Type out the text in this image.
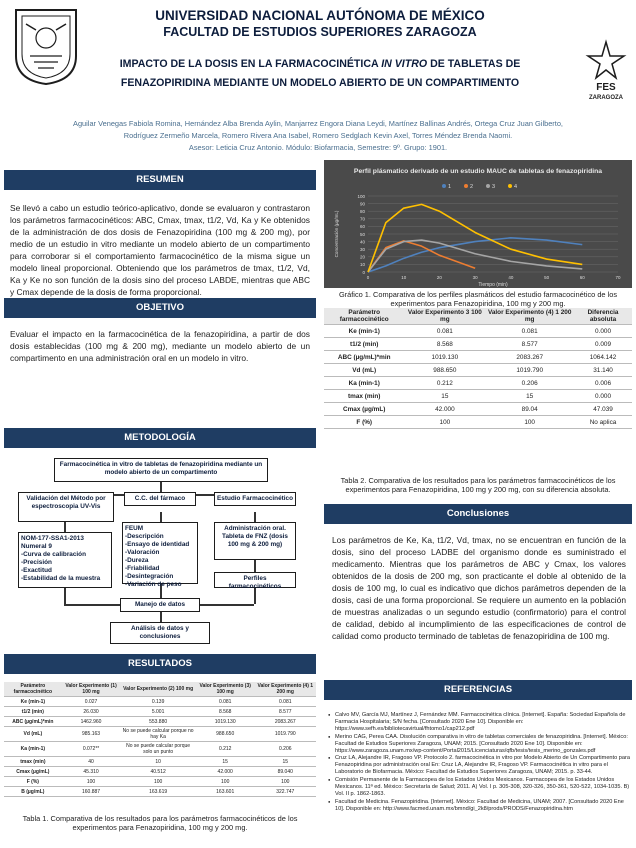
UNIVERSIDAD NACIONAL AUTÓNOMA DE MÉXICO
FACULTAD DE ESTUDIOS SUPERIORES ZARAGOZA
IMPACTO DE LA DOSIS EN LA FARMACOCINÉTICA IN VITRO DE TABLETAS DE
FENAZOPIRIDINA MEDIANTE UN MODELO ABIERTO DE UN COMPARTIMENTO	FES
ZARAGOZA
Aguilar Venegas Fabiola Romina, Hernández Alba Brenda Aylin, Manjarrez Engora Diana Leydi, Martínez Ballinas Andrés, Ortega Cruz Juan Gilberto,
Rodríguez Zermeño Marcela, Romero Rivera Ana Isabel, Romero Sedglach Kevin Axel, Torres Méndez Brenda Naomi.
Asesor: Leticia Cruz Antonio. Módulo: Biofarmacia, Semestre: 9º. Grupo: 1901.
RESUMEN
Se llevó a cabo un estudio teórico-aplicativo, donde se evaluaron y contrastaron los parámetros farmacocinéticos: ABC, Cmax, tmax, t1/2, Vd, Ka y Ke obtenidos de la administración de dos dosis de Fenazopiridina (100 mg & 200 mg), por medio de un estudio in vitro mediante un modelo abierto de un compartimento para corroborar si el comportamiento farmacocinético de la misma sigue un modelo lineal proporcional. Obteniendo que los parámetros de tmax, t1/2, Vd, Ka y Ke no son función de la dosis sino del proceso LABDE, mientras que ABC y Cmax depende de la dosis de forma proporcional.
OBJETIVO
Evaluar el impacto en la farmacocinética de la fenazopiridina, a partir de dos dosis establecidas (100 mg & 200 mg), mediante un modelo abierto de un compartimento en una administración oral en un modelo in vitro.
METODOLOGÍA
Farmacocinética in vitro de tabletas de fenazopiridina mediante un modelo abierto de un compartimento
Validación del Método por espectroscopia UV-Vis
C.C. del fármaco	Estudio Farmacocinético
NOM-177-SSA1-2013 Numeral 9
-Curva de calibración
-Precisión
-Exactitud
-Estabilidad de la muestra
FEUM
-Descripción
-Ensayo de identidad
-Valoración
-Dureza
-Friabilidad
-Desintegración
-Variación de peso
Administración oral. Tableta de FNZ (dosis 100 mg & 200 mg)
Perfiles farmacocinéticos
Manejo de datos
Análisis de datos y conclusiones
RESULTADOS
Parámetro farmacocinético	Valor Experimento (1) 100 mg	Valor Experimento (2) 100 mg	Valor Experimento (3) 100 mg	Valor Experimento (4) 1 200 mg
Ke (min-1)	0.027	0.139	0.081	0.081
t1/2 (min)	26.030	5.001	8.568	8.577
ABC (µg/mL)*min	1462.960	553.880	1019.130	2083.267
Vd (mL)	985.163	No se puede calcular porque no hay Ka	988.650	1019.790
Ka (min-1)	0.072**	No se puede calcular porque solo un punto	0.212	0.206
tmax (min)	40	10	15	15
Cmax (µg/mL)	45.310	40.512	42.000	89.040
F (%)	100	100	100	100
B (µg/mL)	160.887	163.619	163.601	322.747
Tabla 1. Comparativa de los resultados para los parámetros farmacocinéticos de los experimentos para Fenazopiridina, 100 mg y 200 mg.
Perfil plásmatico derivado de un estudio MAUC de tabletas de fenazopiridina
1	2	3	4
0
10
20
30
40
50
60
70
80
90
100
0	10	20	30	40	50	60	70
Tiempo (min)
Concentración (µg/mL)
Gráfico 1. Comparativa de los perfiles plasmáticos del estudio farmacocinético de los experimentos para Fenazopiridina, 100 mg y 200 mg.
Parámetro farmacocinético	Valor Experimento 3 100 mg	Valor Experimento (4) 1 200 mg	Diferencia absoluta
Ke (min-1)	0.081	0.081	0.000
t1/2 (min)	8.568	8.577	0.009
ABC (µg/mL)*min	1019.130	2083.267	1064.142
Vd (mL)	988.650	1019.790	31.140
Ka (min-1)	0.212	0.206	0.006
tmax (min)	15	15	0.000
Cmax (µg/mL)	42.000	89.04	47.039
F (%)	100	100	No aplica
Tabla 2. Comparativa de los resultados para los parámetros farmacocinéticos de los experimentos para Fenazopiridina, 100 mg y 200 mg, con su diferencia absoluta.
Conclusiones
Los parámetros de Ke, Ka, t1/2, Vd, tmax, no se encuentran en función de la dosis, sino del proceso LADBE del organismo donde es suministrado el medicamento. Mientras que los parámetros de ABC y Cmax, los valores obtenidos de la dosis de 200 mg, son practicante el doble al obtenido de la dosis de 100 mg, lo cual es indicativo que dichos parámetros dependen de la dosis, casi de una forma proporcional. Se requiere un aumento en la población de muestras analizadas o un segundo estudio (confirmatorio) para el control de calidad, debido al incumplimiento de las especificaciones de control de calidad como producto terminado de tabletas de fenazopiridina de 100 mg.
REFERENCIAS
● Calvo MV, García MJ, Martínez J, Fernández MM. Farmacocinética clínica. [Internet]. España: Sociedad Española de Farmacia Hospitalaria; S/N fecha. [Consultado 2020 Ene 10]. Disponible en: https://www.sefh.es/bibliotecavirtual/fhtomo1/cap212.pdf
● Merino CAG, Perea CAA. Disolución comparativa in vitro de tabletas comerciales de fenazopiridina. [Internet]. México: Facultad de Estudios Superiores Zaragoza, UNAM; 2015. [Consultado 2020 Ene 10]. Disponible en: https://www.zaragoza.unam.mx/wp-content/Portal2015/Licenciaturas/qfb/tesis/tesis_merino_gonzales.pdf
● Cruz LA, Alejandre IR, Fragoso VP. Protocolo 2. farmacocinética in vitro por Modelo Abierto de Un Compartimento para Fenazopiridina por administración oral En: Cruz LA, Alejandre IR, Fragoso VP. Farmacocinética in vitro para el Laboratorio de Biofarmacia. México: Facultad de Estudios Superiores Zaragoza, UNAM; 2015. p. 33-44.
● Comisión Permanente de la Farmacopea de los Estados Unidos Mexicanos. Farmacopea de los Estados Unidos Mexicanos. 11ª ed. México: Secretaría de Salud; 2011. A) Vol. I p. 305-308, 320-326, 350-361, 520-522, 1034-1035. B) Vol. II p. 1862-1863.
● Facultad de Medicina. Fenazopiridina. [Internet]. México: Facultad de Medicina, UNAM; 2007. [Consultado 2020 Ene 10]. Disponible en: http://www.facmed.unam.mx/bmnd/gi_2k8/prods/PRODS/Fenazopiridina.htm
